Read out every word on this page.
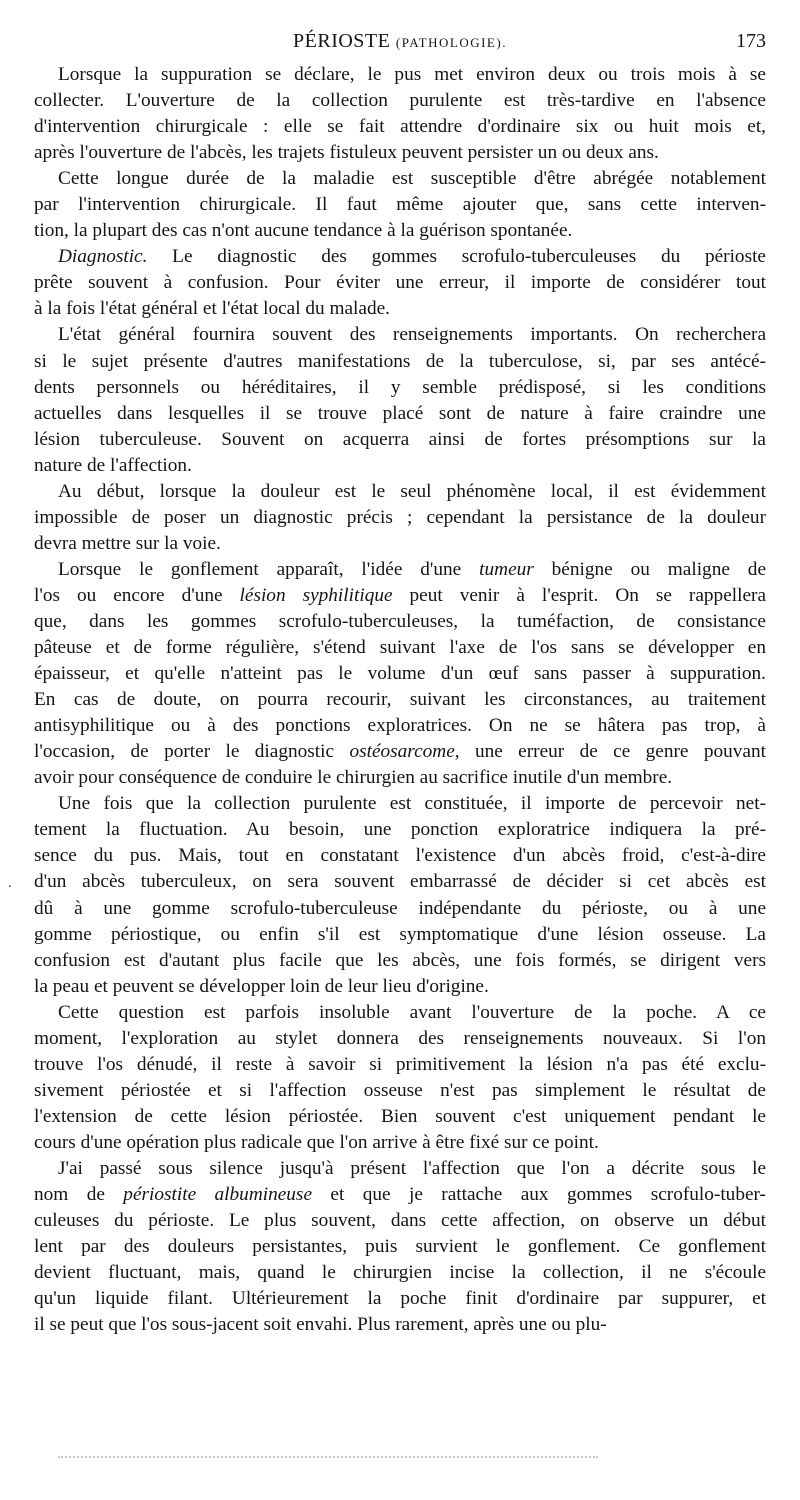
PÉRIOSTE (PATHOLOGIE).	173

Lorsque la suppuration se déclare, le pus met environ deux ou trois mois à se
collecter. L'ouverture de la collection purulente est très-tardive en l'absence
d'intervention chirurgicale : elle se fait attendre d'ordinaire six ou huit mois et,
après l'ouverture de l'abcès, les trajets fistuleux peuvent persister un ou deux ans.

Cette longue durée de la maladie est susceptible d'être abrégée notablement
par l'intervention chirurgicale. Il faut même ajouter que, sans cette interven-
tion, la plupart des cas n'ont aucune tendance à la guérison spontanée.

Diagnostic. Le diagnostic des gommes scrofulo-tuberculeuses du périoste
prête souvent à confusion. Pour éviter une erreur, il importe de considérer tout
à la fois l'état général et l'état local du malade.

L'état général fournira souvent des renseignements importants. On recherchera
si le sujet présente d'autres manifestations de la tuberculose, si, par ses antécé-
dents personnels ou héréditaires, il y semble prédisposé, si les conditions
actuelles dans lesquelles il se trouve placé sont de nature à faire craindre une
lésion tuberculeuse. Souvent on acquerra ainsi de fortes présomptions sur la
nature de l'affection.

Au début, lorsque la douleur est le seul phénomène local, il est évidemment
impossible de poser un diagnostic précis ; cependant la persistance de la douleur
devra mettre sur la voie.

Lorsque le gonflement apparaît, l'idée d'une tumeur bénigne ou maligne de
l'os ou encore d'une lésion syphilitique peut venir à l'esprit. On se rappellera
que, dans les gommes scrofulo-tuberculeuses, la tuméfaction, de consistance
pâteuse et de forme régulière, s'étend suivant l'axe de l'os sans se développer en
épaisseur, et qu'elle n'atteint pas le volume d'un œuf sans passer à suppuration.
En cas de doute, on pourra recourir, suivant les circonstances, au traitement
antisyphilitique ou à des ponctions exploratrices. On ne se hâtera pas trop, à
l'occasion, de porter le diagnostic ostéosarcome, une erreur de ce genre pouvant
avoir pour conséquence de conduire le chirurgien au sacrifice inutile d'un membre.

Une fois que la collection purulente est constituée, il importe de percevoir net-
tement la fluctuation. Au besoin, une ponction exploratrice indiquera la pré-
sence du pus. Mais, tout en constatant l'existence d'un abcès froid, c'est-à-dire
d'un abcès tuberculeux, on sera souvent embarrassé de décider si cet abcès est
dû à une gomme scrofulo-tuberculeuse indépendante du périoste, ou à une
gomme périostique, ou enfin s'il est symptomatique d'une lésion osseuse. La
confusion est d'autant plus facile que les abcès, une fois formés, se dirigent vers
la peau et peuvent se développer loin de leur lieu d'origine.

Cette question est parfois insoluble avant l'ouverture de la poche. A ce
moment, l'exploration au stylet donnera des renseignements nouveaux. Si l'on
trouve l'os dénudé, il reste à savoir si primitivement la lésion n'a pas été exclu-
sivement périostée et si l'affection osseuse n'est pas simplement le résultat de
l'extension de cette lésion périostée. Bien souvent c'est uniquement pendant le
cours d'une opération plus radicale que l'on arrive à être fixé sur ce point.

J'ai passé sous silence jusqu'à présent l'affection que l'on a décrite sous le
nom de périostite albumineuse et que je rattache aux gommes scrofulo-tuber-
culeuses du périoste. Le plus souvent, dans cette affection, on observe un début
lent par des douleurs persistantes, puis survient le gonflement. Ce gonflement
devient fluctuant, mais, quand le chirurgien incise la collection, il ne s'écoule
qu'un liquide filant. Ultérieurement la poche finit d'ordinaire par suppurer, et
il se peut que l'os sous-jacent soit envahi. Plus rarement, après une ou plu-

.
